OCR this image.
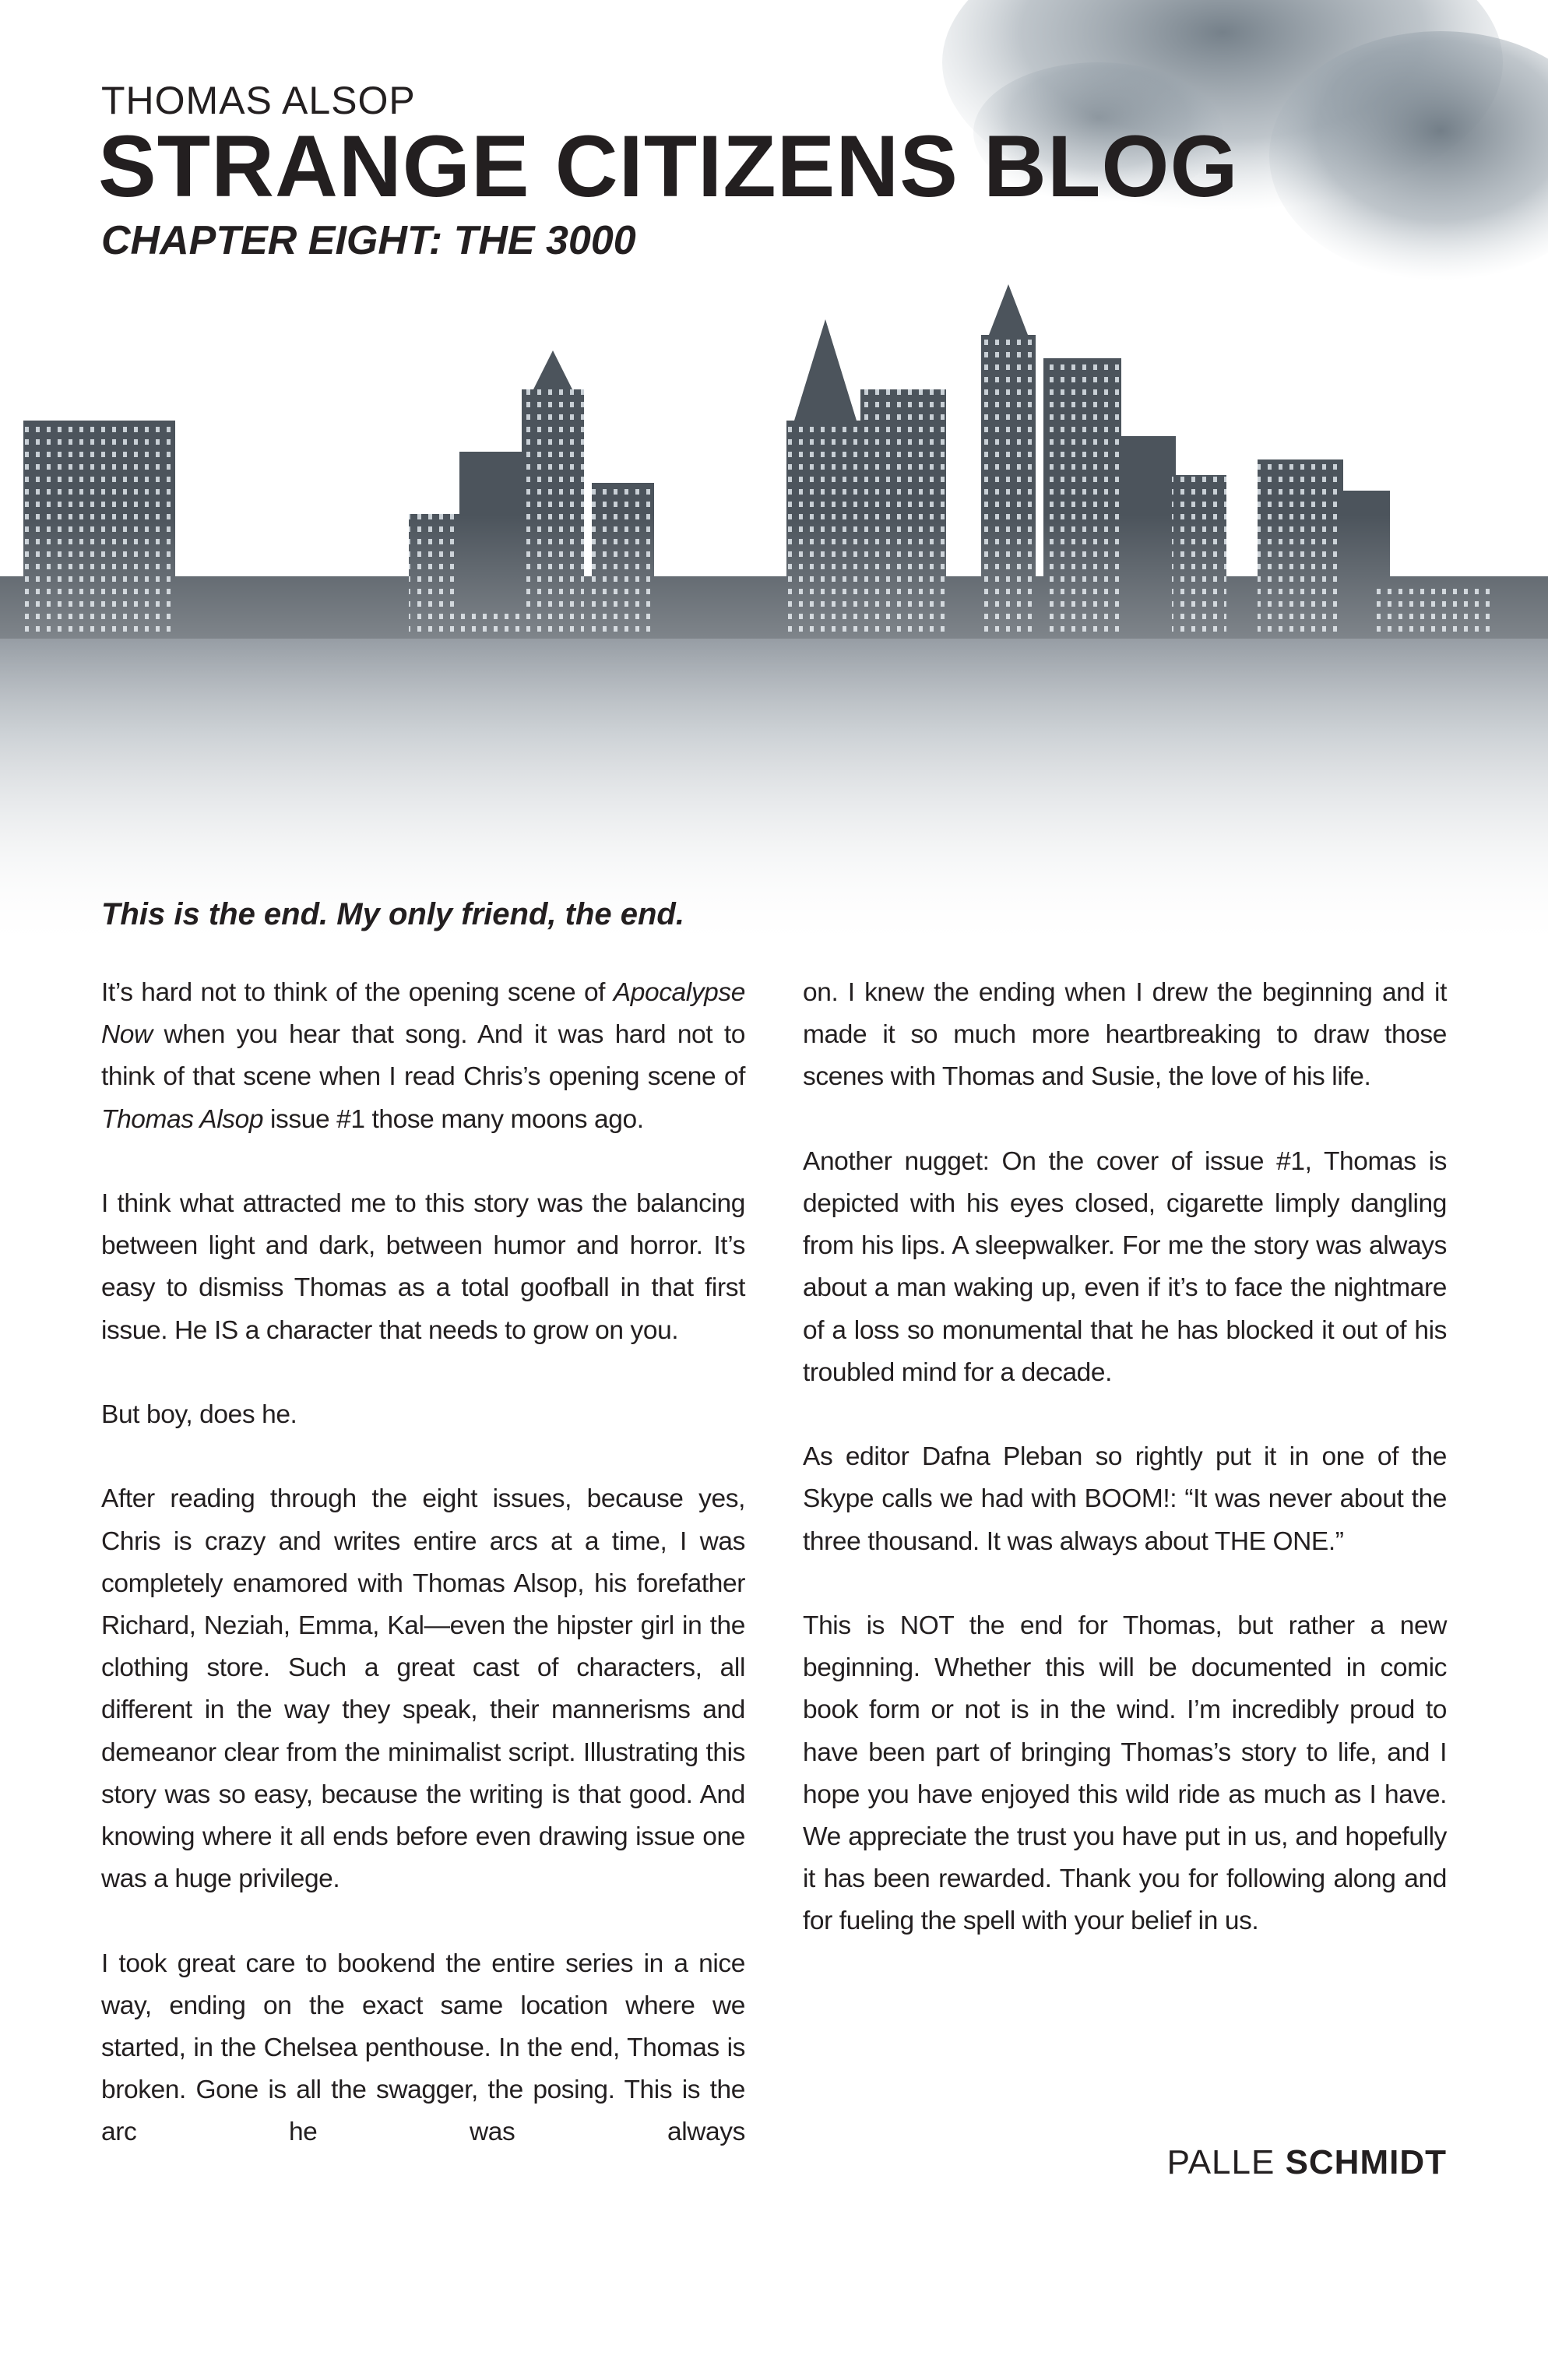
THOMAS ALSOP
STRANGE CITIZENS BLOG
CHAPTER EIGHT: THE 3000
This is the end. My only friend, the end.

It’s hard not to think of the opening scene of Apocalypse Now when you hear that song. And it was hard not to think of that scene when I read Chris’s opening scene of Thomas Alsop issue #1 those many moons ago.

I think what attracted me to this story was the balancing between light and dark, between humor and horror. It’s easy to dismiss Thomas as a total goofball in that first issue. He IS a character that needs to grow on you.

But boy, does he.

After reading through the eight issues, because yes, Chris is crazy and writes entire arcs at a time, I was completely enamored with Thomas Alsop, his forefather Richard, Neziah, Emma, Kal—even the hipster girl in the clothing store. Such a great cast of characters, all different in the way they speak, their mannerisms and demeanor clear from the minimalist script. Illustrating this story was so easy, because the writing is that good. And knowing where it all ends before even drawing issue one was a huge privilege.

I took great care to bookend the entire series in a nice way, ending on the exact same location where we started, in the Chelsea penthouse. In the end, Thomas is broken. Gone is all the swagger, the posing. This is the arc he was always

on. I knew the ending when I drew the beginning and it made it so much more heartbreaking to draw those scenes with Thomas and Susie, the love of his life.

Another nugget: On the cover of issue #1, Thomas is depicted with his eyes closed, cigarette limply dangling from his lips. A sleepwalker. For me the story was always about a man waking up, even if it’s to face the nightmare of a loss so monumental that he has blocked it out of his troubled mind for a decade.

As editor Dafna Pleban so rightly put it in one of the Skype calls we had with BOOM!: “It was never about the three thousand. It was always about THE ONE.”

This is NOT the end for Thomas, but rather a new beginning. Whether this will be documented in comic book form or not is in the wind. I’m incredibly proud to have been part of bringing Thomas’s story to life, and I hope you have enjoyed this wild ride as much as I have. We appreciate the trust you have put in us, and hopefully it has been rewarded. Thank you for following along and for fueling the spell with your belief in us.

PALLE SCHMIDT
